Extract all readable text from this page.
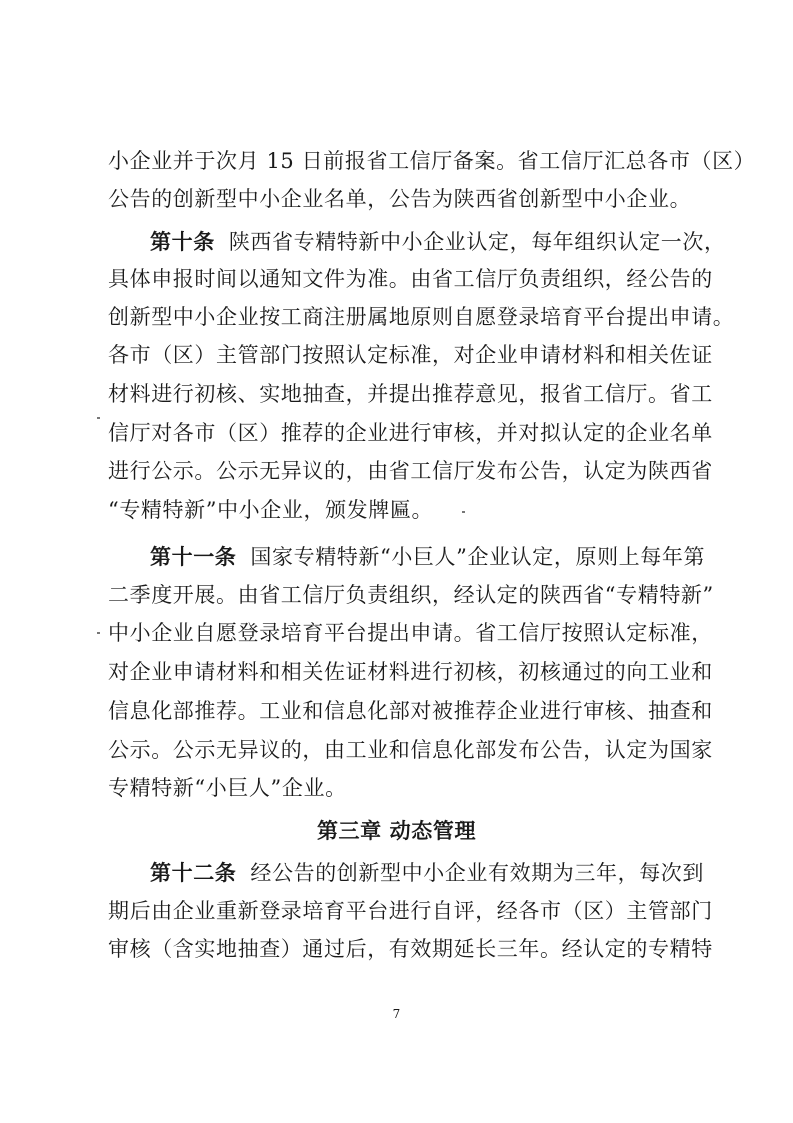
小企业并于次月 15 日前报省工信厅备案。省工信厅汇总各市（区）
公告的创新型中小企业名单，公告为陕西省创新型中小企业。
第十条 陕西省专精特新中小企业认定，每年组织认定一次，
具体申报时间以通知文件为准。由省工信厅负责组织，经公告的
创新型中小企业按工商注册属地原则自愿登录培育平台提出申请。
各市（区）主管部门按照认定标准，对企业申请材料和相关佐证
材料进行初核、实地抽查，并提出推荐意见，报省工信厅。省工
信厅对各市（区）推荐的企业进行审核，并对拟认定的企业名单
进行公示。公示无异议的，由省工信厅发布公告，认定为陕西省
“专精特新”中小企业，颁发牌匾。
第十一条 国家专精特新“小巨人”企业认定，原则上每年第
二季度开展。由省工信厅负责组织，经认定的陕西省“专精特新”
中小企业自愿登录培育平台提出申请。省工信厅按照认定标准，
对企业申请材料和相关佐证材料进行初核，初核通过的向工业和
信息化部推荐。工业和信息化部对被推荐企业进行审核、抽查和
公示。公示无异议的，由工业和信息化部发布公告，认定为国家
专精特新“小巨人”企业。
第三章 动态管理
第十二条 经公告的创新型中小企业有效期为三年，每次到
期后由企业重新登录培育平台进行自评，经各市（区）主管部门
审核（含实地抽查）通过后，有效期延长三年。经认定的专精特
7
